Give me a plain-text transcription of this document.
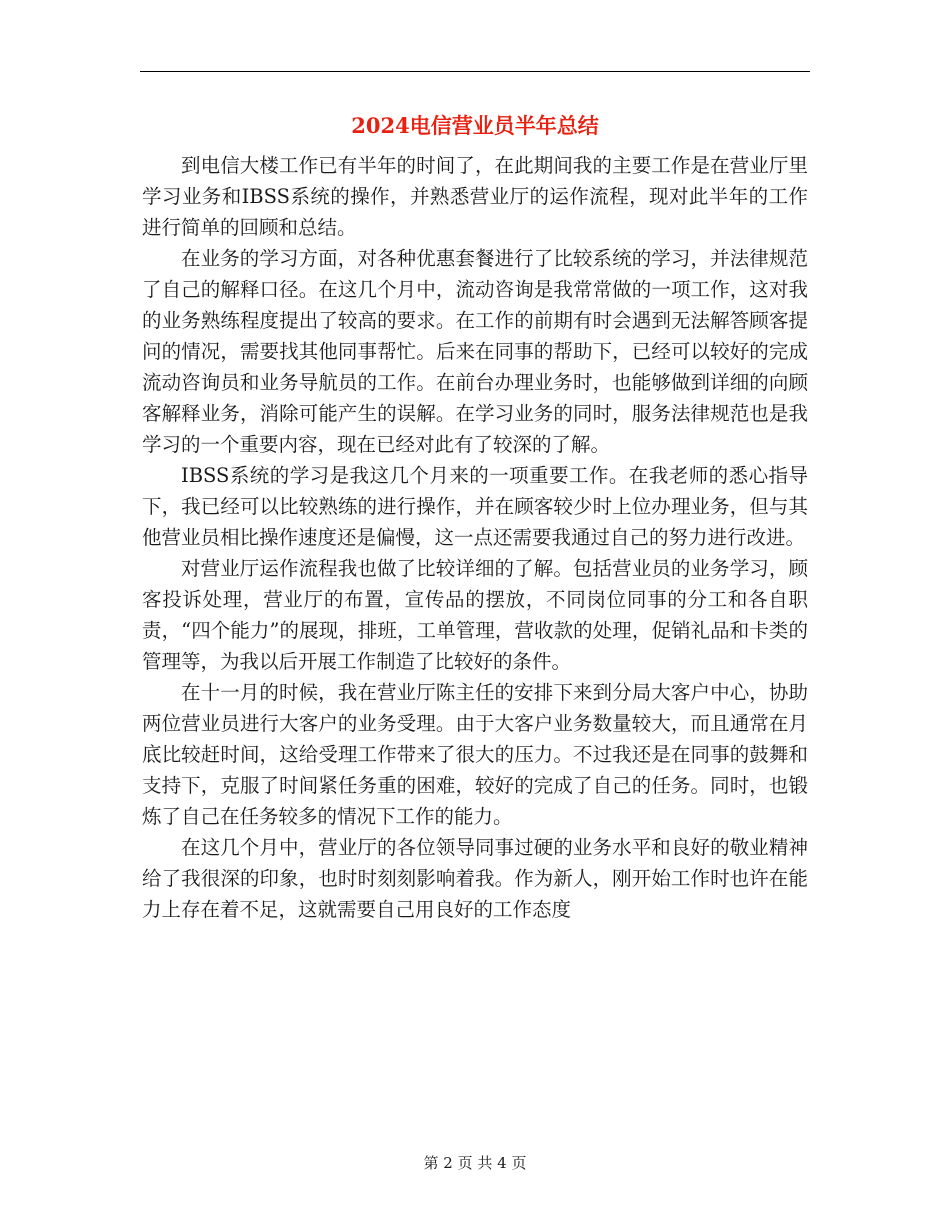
2024电信营业员半年总结

到电信大楼工作已有半年的时间了，在此期间我的主要工作是在营业厅里学习业务和IBSS系统的操作，并熟悉营业厅的运作流程，现对此半年的工作进行简单的回顾和总结。

在业务的学习方面，对各种优惠套餐进行了比较系统的学习，并法律规范了自己的解释口径。在这几个月中，流动咨询是我常常做的一项工作，这对我的业务熟练程度提出了较高的要求。在工作的前期有时会遇到无法解答顾客提问的情况，需要找其他同事帮忙。后来在同事的帮助下，已经可以较好的完成流动咨询员和业务导航员的工作。在前台办理业务时，也能够做到详细的向顾客解释业务，消除可能产生的误解。在学习业务的同时，服务法律规范也是我学习的一个重要内容，现在已经对此有了较深的了解。

IBSS系统的学习是我这几个月来的一项重要工作。在我老师的悉心指导下，我已经可以比较熟练的进行操作，并在顾客较少时上位办理业务，但与其他营业员相比操作速度还是偏慢，这一点还需要我通过自己的努力进行改进。

对营业厅运作流程我也做了比较详细的了解。包括营业员的业务学习，顾客投诉处理，营业厅的布置，宣传品的摆放，不同岗位同事的分工和各自职责，“四个能力”的展现，排班，工单管理，营收款的处理，促销礼品和卡类的管理等，为我以后开展工作制造了比较好的条件。

在十一月的时候，我在营业厅陈主任的安排下来到分局大客户中心，协助两位营业员进行大客户的业务受理。由于大客户业务数量较大，而且通常在月底比较赶时间，这给受理工作带来了很大的压力。不过我还是在同事的鼓舞和支持下，克服了时间紧任务重的困难，较好的完成了自己的任务。同时，也锻炼了自己在任务较多的情况下工作的能力。

在这几个月中，营业厅的各位领导同事过硬的业务水平和良好的敬业精神给了我很深的印象，也时时刻刻影响着我。作为新人，刚开始工作时也许在能力上存在着不足，这就需要自己用良好的工作态度

第 2 页 共 4 页
